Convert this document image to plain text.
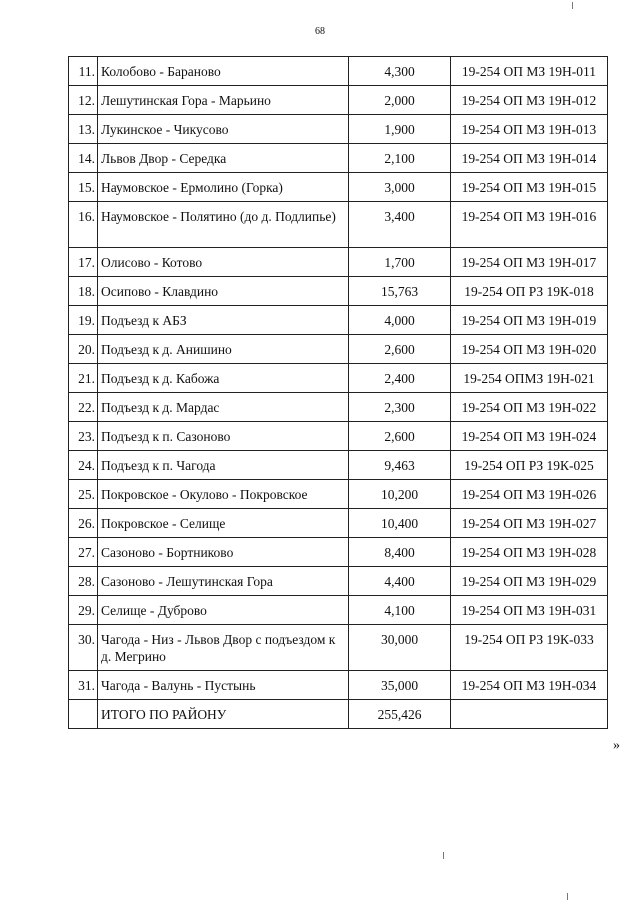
68
11.	Колобово - Бараново	4,300	19-254 ОП МЗ 19Н-011
12.	Лешутинская Гора - Марьино	2,000	19-254 ОП МЗ 19Н-012
13.	Лукинское - Чикусово	1,900	19-254 ОП МЗ 19Н-013
14.	Львов Двор - Середка	2,100	19-254 ОП МЗ 19Н-014
15.	Наумовское - Ермолино (Горка)	3,000	19-254 ОП МЗ 19Н-015
16.	Наумовское - Полятино (до д. Подлипье)	3,400	19-254 ОП МЗ 19Н-016
17.	Олисово - Котово	1,700	19-254 ОП МЗ 19Н-017
18.	Осипово - Клавдино	15,763	19-254 ОП РЗ 19К-018
19.	Подъезд к АБЗ	4,000	19-254 ОП МЗ 19Н-019
20.	Подъезд к д. Анишино	2,600	19-254 ОП МЗ 19Н-020
21.	Подъезд к д. Кабожа	2,400	19-254 ОПМЗ 19Н-021
22.	Подъезд к д. Мардас	2,300	19-254 ОП МЗ 19Н-022
23.	Подъезд к п. Сазоново	2,600	19-254 ОП МЗ 19Н-024
24.	Подъезд к п. Чагода	9,463	19-254 ОП РЗ 19К-025
25.	Покровское - Окулово - Покровское	10,200	19-254 ОП МЗ 19Н-026
26.	Покровское - Селище	10,400	19-254 ОП МЗ 19Н-027
27.	Сазоново - Бортниково	8,400	19-254 ОП МЗ 19Н-028
28.	Сазоново - Лешутинская Гора	4,400	19-254 ОП МЗ 19Н-029
29.	Селище - Дуброво	4,100	19-254 ОП МЗ 19Н-031
30.	Чагода - Низ - Львов Двор с подъездом к д. Мегрино	30,000	19-254 ОП РЗ 19К-033
31.	Чагода - Валунь - Пустынь	35,000	19-254 ОП МЗ 19Н-034
	ИТОГО ПО РАЙОНУ	255,426	
»
